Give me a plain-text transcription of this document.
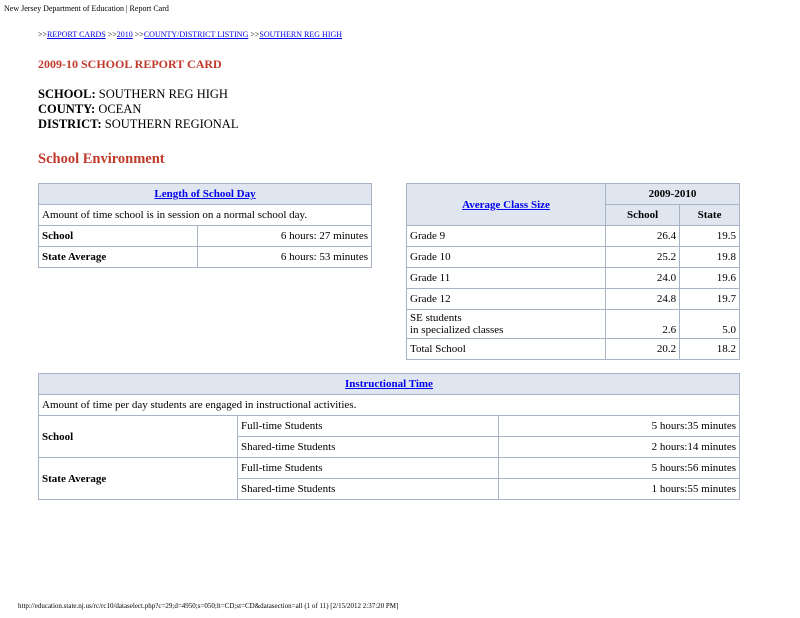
New Jersey Department of Education | Report Card
>>REPORT CARDS >>2010 >>COUNTY/DISTRICT LISTING >>SOUTHERN REG HIGH
2009-10 SCHOOL REPORT CARD
SCHOOL: SOUTHERN REG HIGH
COUNTY: OCEAN
DISTRICT: SOUTHERN REGIONAL
School Environment
Length of School Day	
Amount of time school is in session on a normal school day.	
School	6 hours: 27 minutes
State Average	6 hours: 53 minutes
Average Class Size	2009-2010	
	School	State
Grade 9	26.4	19.5
Grade 10	25.2	19.8
Grade 11	24.0	19.6
Grade 12	24.8	19.7
SE students
in specialized classes	2.6	5.0
Total School	20.2	18.2
Instructional Time		
Amount of time per day students are engaged in instructional activities.		
School	Full-time Students	5 hours:35 minutes
	Shared-time Students	2 hours:14 minutes
State Average	Full-time Students	5 hours:56 minutes
	Shared-time Students	1 hours:55 minutes
http://education.state.nj.us/rc/rc10/dataselect.php?c=29;d=4950;s=050;lt=CD;st=CD&datasection=all (1 of 11) [2/15/2012 2:37:20 PM]
